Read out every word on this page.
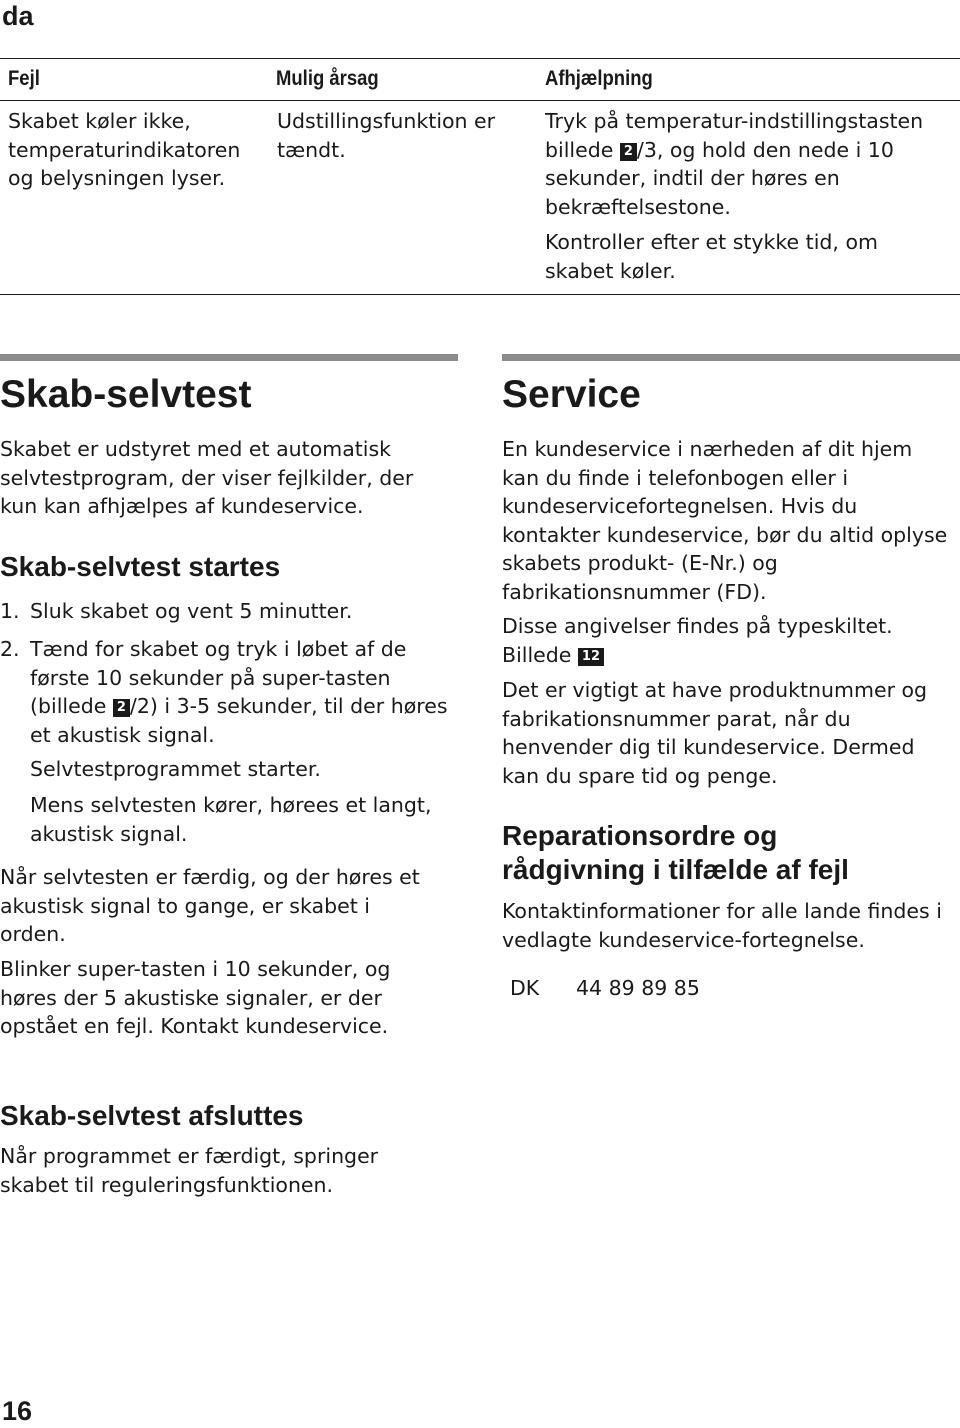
da
Fejl	Mulig årsag	Afhjælpning
Skabet køler ikke, temperaturindikatoren og belysningen lyser.
Udstillingsfunktion er tændt.
Tryk på temperatur-indstillingstasten billede 2 /3, og hold den nede i 10 sekunder, indtil der høres en bekræftelsestone.
Kontroller efter et stykke tid, om skabet køler.
Skab-selvtest
Skabet er udstyret med et automatisk selvtestprogram, der viser fejlkilder, der kun kan afhjælpes af kundeservice.
Skab-selvtest startes
1. Sluk skabet og vent 5 minutter.

2. Tænd for skabet og tryk i løbet af de første 10 sekunder på super-tasten (billede 2 /2) i 3-5 sekunder, til der høres et akustisk signal.

Selvtestprogrammet starter.
Mens selvtesten kører, hørees et langt, akustisk signal.
Når selvtesten er færdig, og der høres et akustisk signal to gange, er skabet i orden.
Blinker super-tasten i 10 sekunder, og høres der 5 akustiske signaler, er der opstået en fejl. Kontakt kundeservice.
Skab-selvtest afsluttes
Når programmet er færdigt, springer skabet til reguleringsfunktionen.
Service
En kundeservice i nærheden af dit hjem kan du finde i telefonbogen eller i kundeservicefortegnelsen. Hvis du kontakter kundeservice, bør du altid oplyse skabets produkt- (E-Nr.) og fabrikationsnummer (FD).
Disse angivelser findes på typeskiltet. Billede 12
Det er vigtigt at have produktnummer og fabrikationsnummer parat, når du henvender dig til kundeservice. Dermed kan du spare tid og penge.
Reparationsordre og rådgivning i tilfælde af fejl
Kontaktinformationer for alle lande findes i vedlagte kundeservice-fortegnelse.
DK 44 89 89 85
16
